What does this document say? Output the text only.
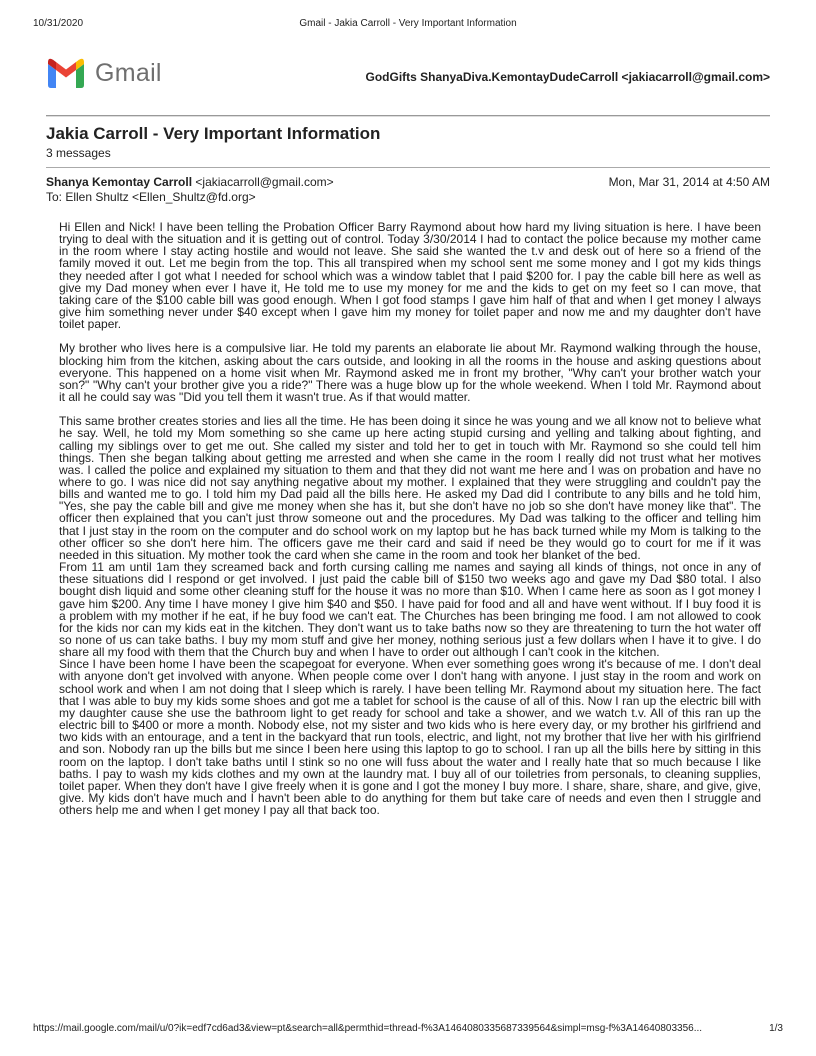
10/31/2020	Gmail - Jakia Carroll - Very Important Information
Gmail	GodGifts ShanyaDiva.KemontayDudeCarroll <jakiacarroll@gmail.com>
Jakia Carroll - Very Important Information
3 messages
Shanya Kemontay Carroll <jakiacarroll@gmail.com>	Mon, Mar 31, 2014 at 4:50 AM
To: Ellen Shultz <Ellen_Shultz@fd.org>

Hi Ellen and Nick! I have been telling the Probation Officer Barry Raymond about how hard my living situation is here. I have been trying to deal with the situation and it is getting out of control. Today 3/30/2014 I had to contact the police because my mother came in the room where I stay acting hostile and would not leave. She said she wanted the t.v and desk out of here so a friend of the family moved it out. Let me begin from the top. This all transpired when my school sent me some money and I got my kids things they needed after I got what I needed for school which was a window tablet that I paid $200 for. I pay the cable bill here as well as give my Dad money when ever I have it, He told me to use my money for me and the kids to get on my feet so I can move, that taking care of the $100 cable bill was good enough. When I got food stamps I gave him half of that and when I get money I always give him something never under $40 except when I gave him my money for toilet paper and now me and my daughter don't have toilet paper.

My brother who lives here is a compulsive liar. He told my parents an elaborate lie about Mr. Raymond walking through the house, blocking him from the kitchen, asking about the cars outside, and looking in all the rooms in the house and asking questions about everyone. This happened on a home visit when Mr. Raymond asked me in front my brother, "Why can't your brother watch your son?" "Why can't your brother give you a ride?" There was a huge blow up for the whole weekend. When I told Mr. Raymond about it all he could say was "Did you tell them it wasn't true. As if that would matter.

This same brother creates stories and lies all the time. He has been doing it since he was young and we all know not to believe what he say. Well, he told my Mom something so she came up here acting stupid cursing and yelling and talking about fighting, and calling my siblings over to get me out. She called my sister and told her to get in touch with Mr. Raymond so she could tell him things. Then she began talking about getting me arrested and when she came in the room I really did not trust what her motives was. I called the police and explained my situation to them and that they did not want me here and I was on probation and have no where to go. I was nice did not say anything negative about my mother. I explained that they were struggling and couldn't pay the bills and wanted me to go. I told him my Dad paid all the bills here. He asked my Dad did I contribute to any bills and he told him, "Yes, she pay the cable bill and give me money when she has it, but she don't have no job so she don't have money like that". The officer then explained that you can't just throw someone out and the procedures. My Dad was talking to the officer and telling him that I just stay in the room on the computer and do school work on my laptop but he has back turned while my Mom is talking to the other officer so she don't here him. The officers gave me their card and said if need be they would go to court for me if it was needed in this situation. My mother took the card when she came in the room and took her blanket of the bed.

From 11 am until 1am they screamed back and forth cursing calling me names and saying all kinds of things, not once in any of these situations did I respond or get involved. I just paid the cable bill of $150 two weeks ago and gave my Dad $80 total. I also bought dish liquid and some other cleaning stuff for the house it was no more than $10. When I came here as soon as I got money I gave him $200. Any time I have money I give him $40 and $50. I have paid for food and all and have went without. If I buy food it is a problem with my mother if he eat, if he buy food we can't eat. The Churches has been bringing me food. I am not allowed to cook for the kids nor can my kids eat in the kitchen. They don't want us to take baths now so they are threatening to turn the hot water off so none of us can take baths. I buy my mom stuff and give her money, nothing serious just a few dollars when I have it to give. I do share all my food with them that the Church buy and when I have to order out although I can't cook in the kitchen.

Since I have been home I have been the scapegoat for everyone. When ever something goes wrong it's because of me. I don't deal with anyone don't get involved with anyone. When people come over I don't hang with anyone. I just stay in the room and work on school work and when I am not doing that I sleep which is rarely. I have been telling Mr. Raymond about my situation here. The fact that I was able to buy my kids some shoes and got me a tablet for school is the cause of all of this. Now I ran up the electric bill with my daughter cause she use the bathroom light to get ready for school and take a shower, and we watch t.v. All of this ran up the electric bill to $400 or more a month. Nobody else, not my sister and two kids who is here every day, or my brother his girlfriend and two kids with an entourage, and a tent in the backyard that run tools, electric, and light, not my brother that live her with his girlfriend and son. Nobody ran up the bills but me since I been here using this laptop to go to school. I ran up all the bills here by sitting in this room on the laptop. I don't take baths until I stink so no one will fuss about the water and I really hate that so much because I like baths. I pay to wash my kids clothes and my own at the laundry mat. I buy all of our toiletries from personals, to cleaning supplies, toilet paper. When they don't have I give freely when it is gone and I got the money I buy more. I share, share, share, and give, give, give. My kids don't have much and I havn't been able to do anything for them but take care of needs and even then I struggle and others help me and when I get money I pay all that back too.

https://mail.google.com/mail/u/0?ik=edf7cd6ad3&view=pt&search=all&permthid=thread-f%3A1464080335687339564&simpl=msg-f%3A14640803356...	1/3
